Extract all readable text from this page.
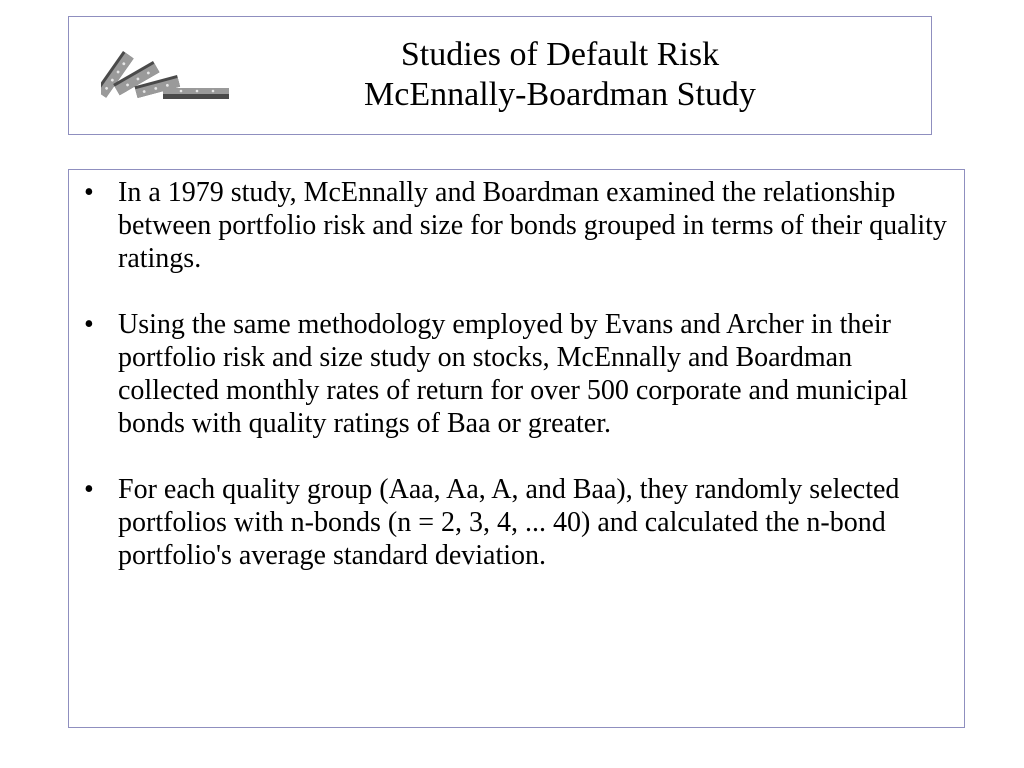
Studies of Default Risk
McEnnally-Boardman Study
• In a 1979 study, McEnnally and Boardman examined the relationship between portfolio risk and size for bonds grouped in terms of their quality ratings.
• Using the same methodology employed by Evans and Archer in their portfolio risk and size study on stocks, McEnnally and Boardman collected monthly rates of return for over 500 corporate and municipal bonds with quality ratings of Baa or greater.
• For each quality group (Aaa, Aa, A, and Baa), they randomly selected portfolios with n-bonds (n = 2, 3, 4, ... 40) and calculated the n-bond portfolio's average standard deviation.
